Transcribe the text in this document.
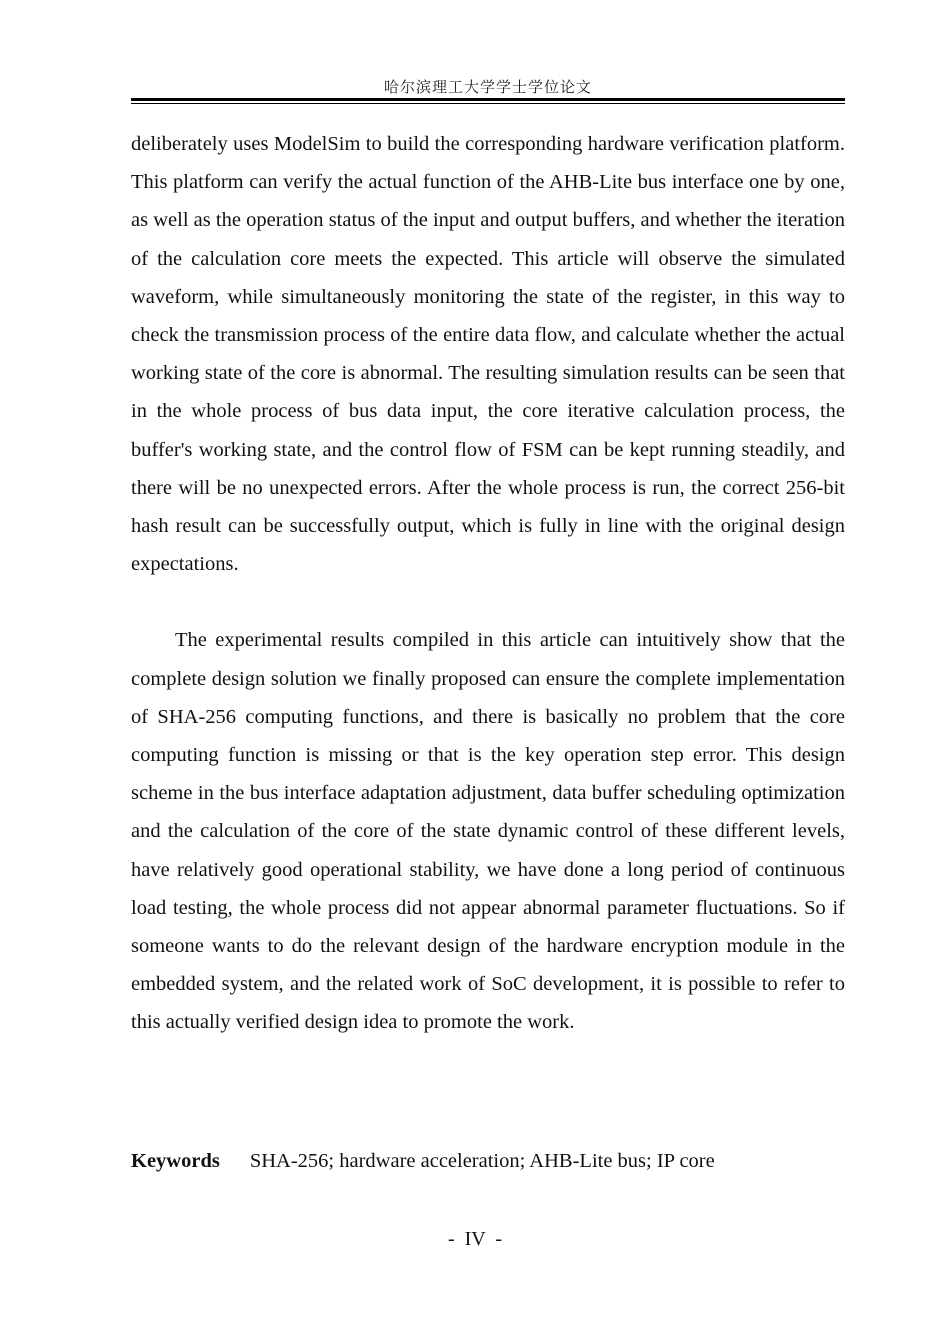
哈尔滨理工大学学士学位论文

deliberately uses ModelSim to build the corresponding hardware verification platform. This platform can verify the actual function of the AHB-Lite bus interface one by one, as well as the operation status of the input and output buffers, and whether the iteration of the calculation core meets the expected. This article will observe the simulated waveform, while simultaneously monitoring the state of the register, in this way to check the transmission process of the entire data flow, and calculate whether the actual working state of the core is abnormal. The resulting simulation results can be seen that in the whole process of bus data input, the core iterative calculation process, the buffer's working state, and the control flow of FSM can be kept running steadily, and there will be no unexpected errors. After the whole process is run, the correct 256-bit hash result can be successfully output, which is fully in line with the original design expectations.

The experimental results compiled in this article can intuitively show that the complete design solution we finally proposed can ensure the complete implementation of SHA-256 computing functions, and there is basically no problem that the core computing function is missing or that is the key operation step error. This design scheme in the bus interface adaptation adjustment, data buffer scheduling optimization and the calculation of the core of the state dynamic control of these different levels, have relatively good operational stability, we have done a long period of continuous load testing, the whole process did not appear abnormal parameter fluctuations. So if someone wants to do the relevant design of the hardware encryption module in the embedded system, and the related work of SoC development, it is possible to refer to this actually verified design idea to promote the work.

Keywords SHA-256; hardware acceleration; AHB-Lite bus; IP core
-  IV  -
